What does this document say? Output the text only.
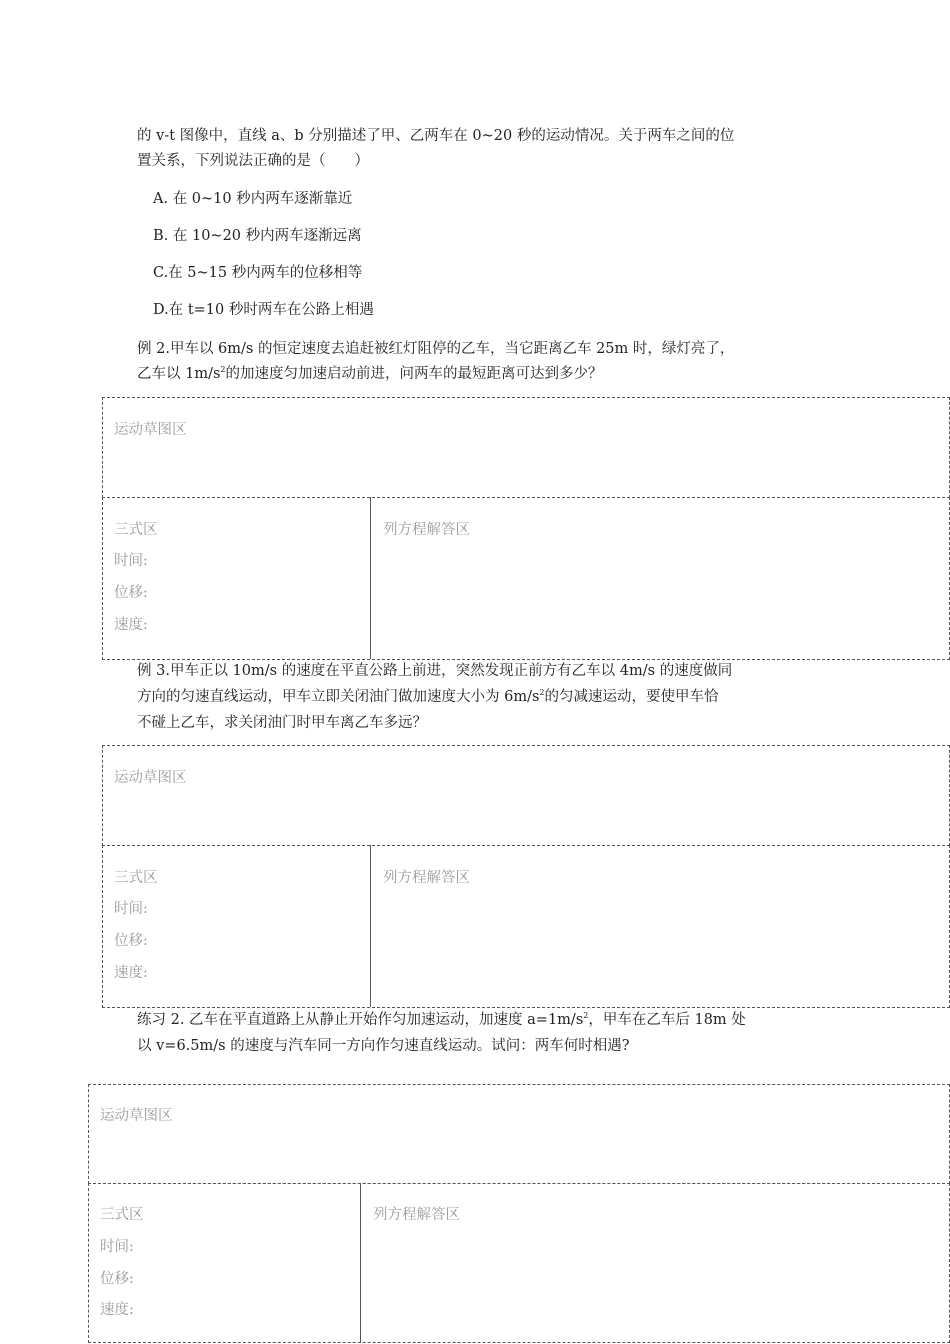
的 v-t 图像中，直线 a、b 分别描述了甲、乙两车在 0~20 秒的运动情况。关于两车之间的位
置关系，下列说法正确的是（　　）
A. 在 0~10 秒内两车逐渐靠近
B. 在 10~20 秒内两车逐渐远离
C.在 5~15 秒内两车的位移相等
D.在 t=10 秒时两车在公路上相遇
例 2.甲车以 6m/s 的恒定速度去追赶被红灯阻停的乙车，当它距离乙车 25m 时，绿灯亮了，
乙车以 $1m/s^2$的加速度匀加速启动前进，问两车的最短距离可达到多少？
运动草图区
三式区
时间:
位移:
速度:
列方程解答区
例 3.甲车正以 10m/s 的速度在平直公路上前进，突然发现正前方有乙车以 4m/s 的速度做同
方向的匀速直线运动，甲车立即关闭油门做加速度大小为 $6m/s^2$的匀减速运动，要使甲车恰
不碰上乙车，求关闭油门时甲车离乙车多远？
运动草图区
三式区
时间:
位移:
速度:
列方程解答区
练习 2. 乙车在平直道路上从静止开始作匀加速运动，加速度 $a=1m/s^2$，甲车在乙车后 18m 处
以 v=6.5m/s 的速度与汽车同一方向作匀速直线运动。试问：两车何时相遇?
运动草图区
三式区
时间:
位移:
速度:
列方程解答区
